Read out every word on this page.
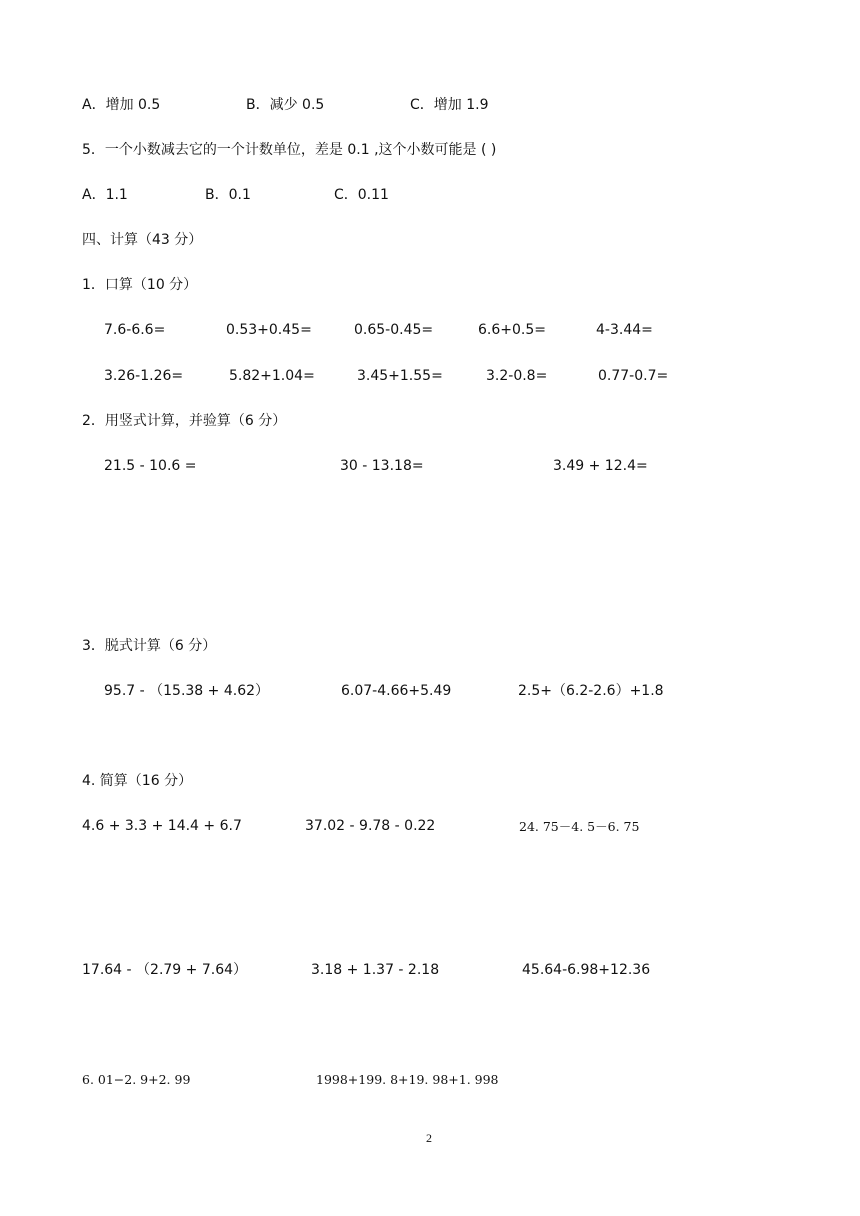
A．增加 0.5	B．减少 0.5	C．增加 1.9
5．一个小数减去它的一个计数单位，差是 0.1 ,这个小数可能是 ( )
A．1.1	B．0.1	C．0.11
四、计算（43 分）
1．口算（10 分）
7.6-6.6=	0.53+0.45=	0.65-0.45=	6.6+0.5=	4-3.44=
3.26-1.26=	5.82+1.04=	3.45+1.55=	3.2-0.8=	0.77-0.7=
2．用竖式计算，并验算（6 分）
21.5 - 10.6 =	30 - 13.18=	3.49 + 12.4=
3．脱式计算（6 分）
95.7 - （15.38 + 4.62）	6.07-4.66+5.49	2.5+（6.2-2.6）+1.8
4. 简算（16 分）
4.6 + 3.3 + 14.4 + 6.7	37.02 - 9.78 - 0.22	24. 75－4. 5－6. 75
17.64 - （2.79 + 7.64）	3.18 + 1.37 - 2.18	45.64-6.98+12.36
6. 01−2. 9+2. 99	1998+199. 8+19. 98+1. 998
2
